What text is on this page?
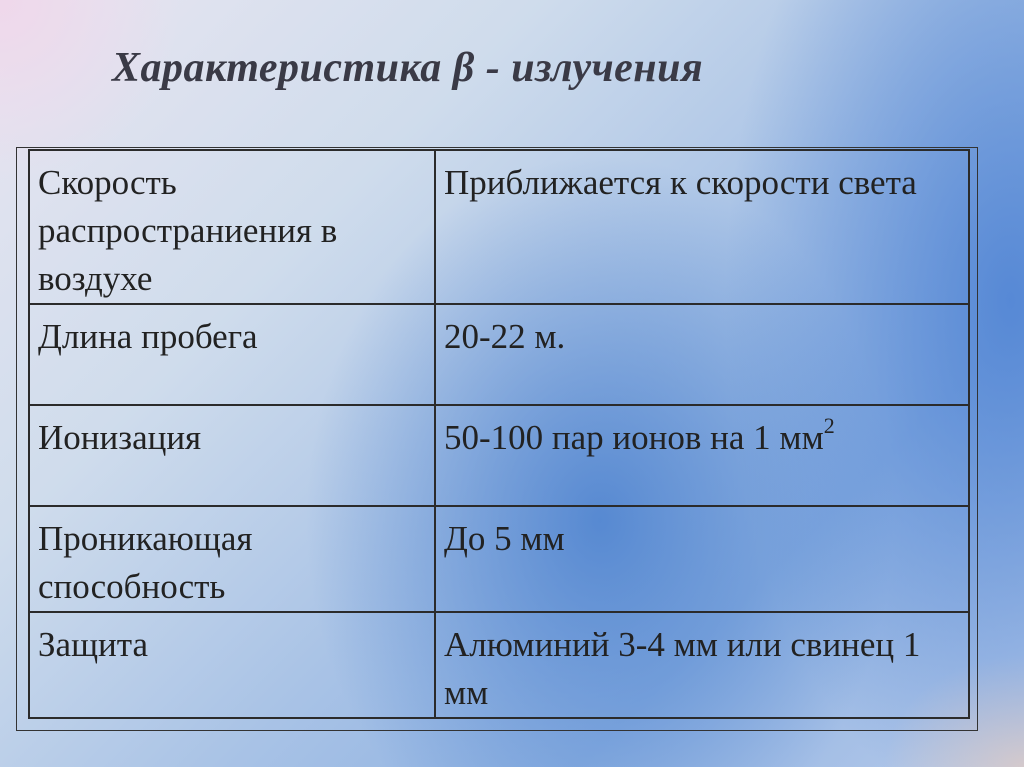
Характеристика β - излучения
Скорость распространиения в воздухе	Приближается к скорости света
Длина пробега	20-22 м.
Ионизация	50-100 пар ионов на 1 $мм^2$
Проникающая способность	До 5 мм
Защита	Алюминий 3-4 мм или свинец 1 мм
